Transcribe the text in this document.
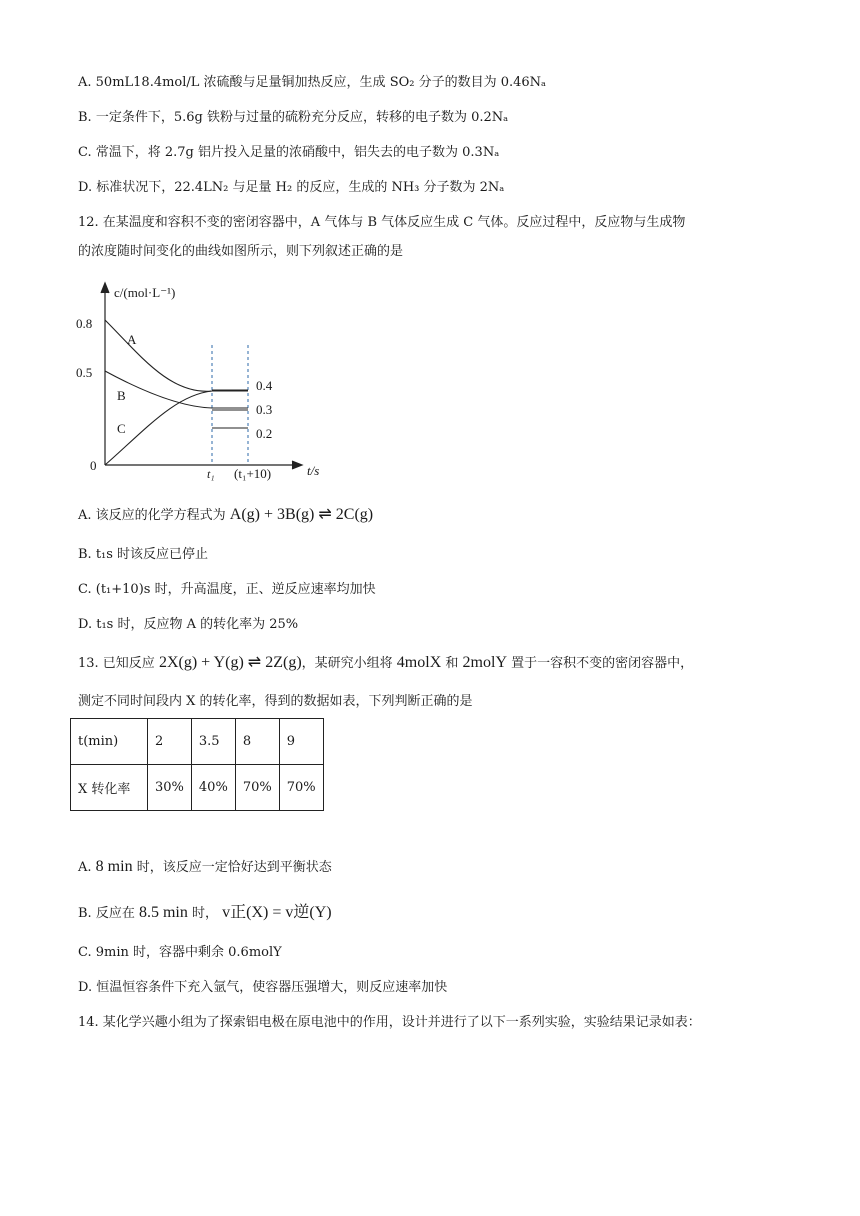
A. 50mL18.4mol/L 浓硫酸与足量铜加热反应，生成 SO₂ 分子的数目为 0.46Nₐ
B. 一定条件下，5.6g 铁粉与过量的硫粉充分反应，转移的电子数为 0.2Nₐ
C. 常温下，将 2.7g 铝片投入足量的浓硝酸中，铝失去的电子数为 0.3Nₐ
D. 标准状况下，22.4LN₂ 与足量 H₂ 的反应，生成的 NH₃ 分子数为 2Nₐ
12. 在某温度和容积不变的密闭容器中，A 气体与 B 气体反应生成 C 气体。反应过程中，反应物与生成物
的浓度随时间变化的曲线如图所示，则下列叙述正确的是
c/(mol·L⁻¹)
0.8
0.5
0
A
B
C
0.4
0.3
0.2
t₁ (t₁+10)	t/s
A. 该反应的化学方程式为 A(g) + 3B(g) ⇌ 2C(g)
B. t₁s 时该反应已停止
C. (t₁+10)s 时，升高温度，正、逆反应速率均加快
D. t₁s 时，反应物 A 的转化率为 25%
13. 已知反应 2X(g) + Y(g) ⇌ 2Z(g)，某研究小组将 4molX 和 2molY 置于一容积不变的密闭容器中，
测定不同时间段内 X 的转化率，得到的数据如表，下列判断正确的是
t(min)	2	3.5	8	9
X 转化率	30%	40%	70%	70%
A. 8 min 时，该反应一定恰好达到平衡状态
B. 反应在 8.5 min 时， v正(X) = v逆(Y)
C. 9min 时，容器中剩余 0.6molY
D. 恒温恒容条件下充入氩气，使容器压强增大，则反应速率加快
14. 某化学兴趣小组为了探索铝电极在原电池中的作用，设计并进行了以下一系列实验，实验结果记录如表：
